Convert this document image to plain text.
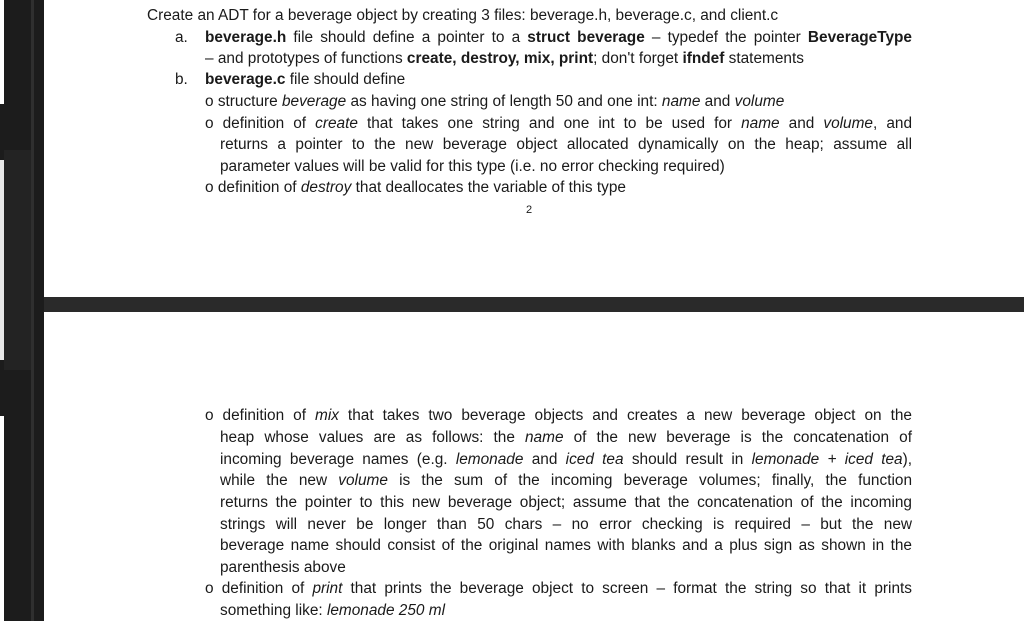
Create an ADT for a beverage object by creating 3 files: beverage.h, beverage.c, and client.c
a. beverage.h file should define a pointer to a struct beverage – typedef the pointer BeverageType
– and prototypes of functions create, destroy, mix, print; don't forget ifndef statements
b. beverage.c file should define
o structure beverage as having one string of length 50 and one int: name and volume
o definition of create that takes one string and one int to be used for name and volume, and
returns a pointer to the new beverage object allocated dynamically on the heap; assume all
parameter values will be valid for this type (i.e. no error checking required)
o definition of destroy that deallocates the variable of this type
2
o definition of mix that takes two beverage objects and creates a new beverage object on the
heap whose values are as follows: the name of the new beverage is the concatenation of
incoming beverage names (e.g. lemonade and iced tea should result in lemonade + iced tea),
while the new volume is the sum of the incoming beverage volumes; finally, the function
returns the pointer to this new beverage object; assume that the concatenation of the incoming
strings will never be longer than 50 chars – no error checking is required – but the new
beverage name should consist of the original names with blanks and a plus sign as shown in the
parenthesis above
o definition of print that prints the beverage object to screen – format the string so that it prints
something like: lemonade 250 ml
